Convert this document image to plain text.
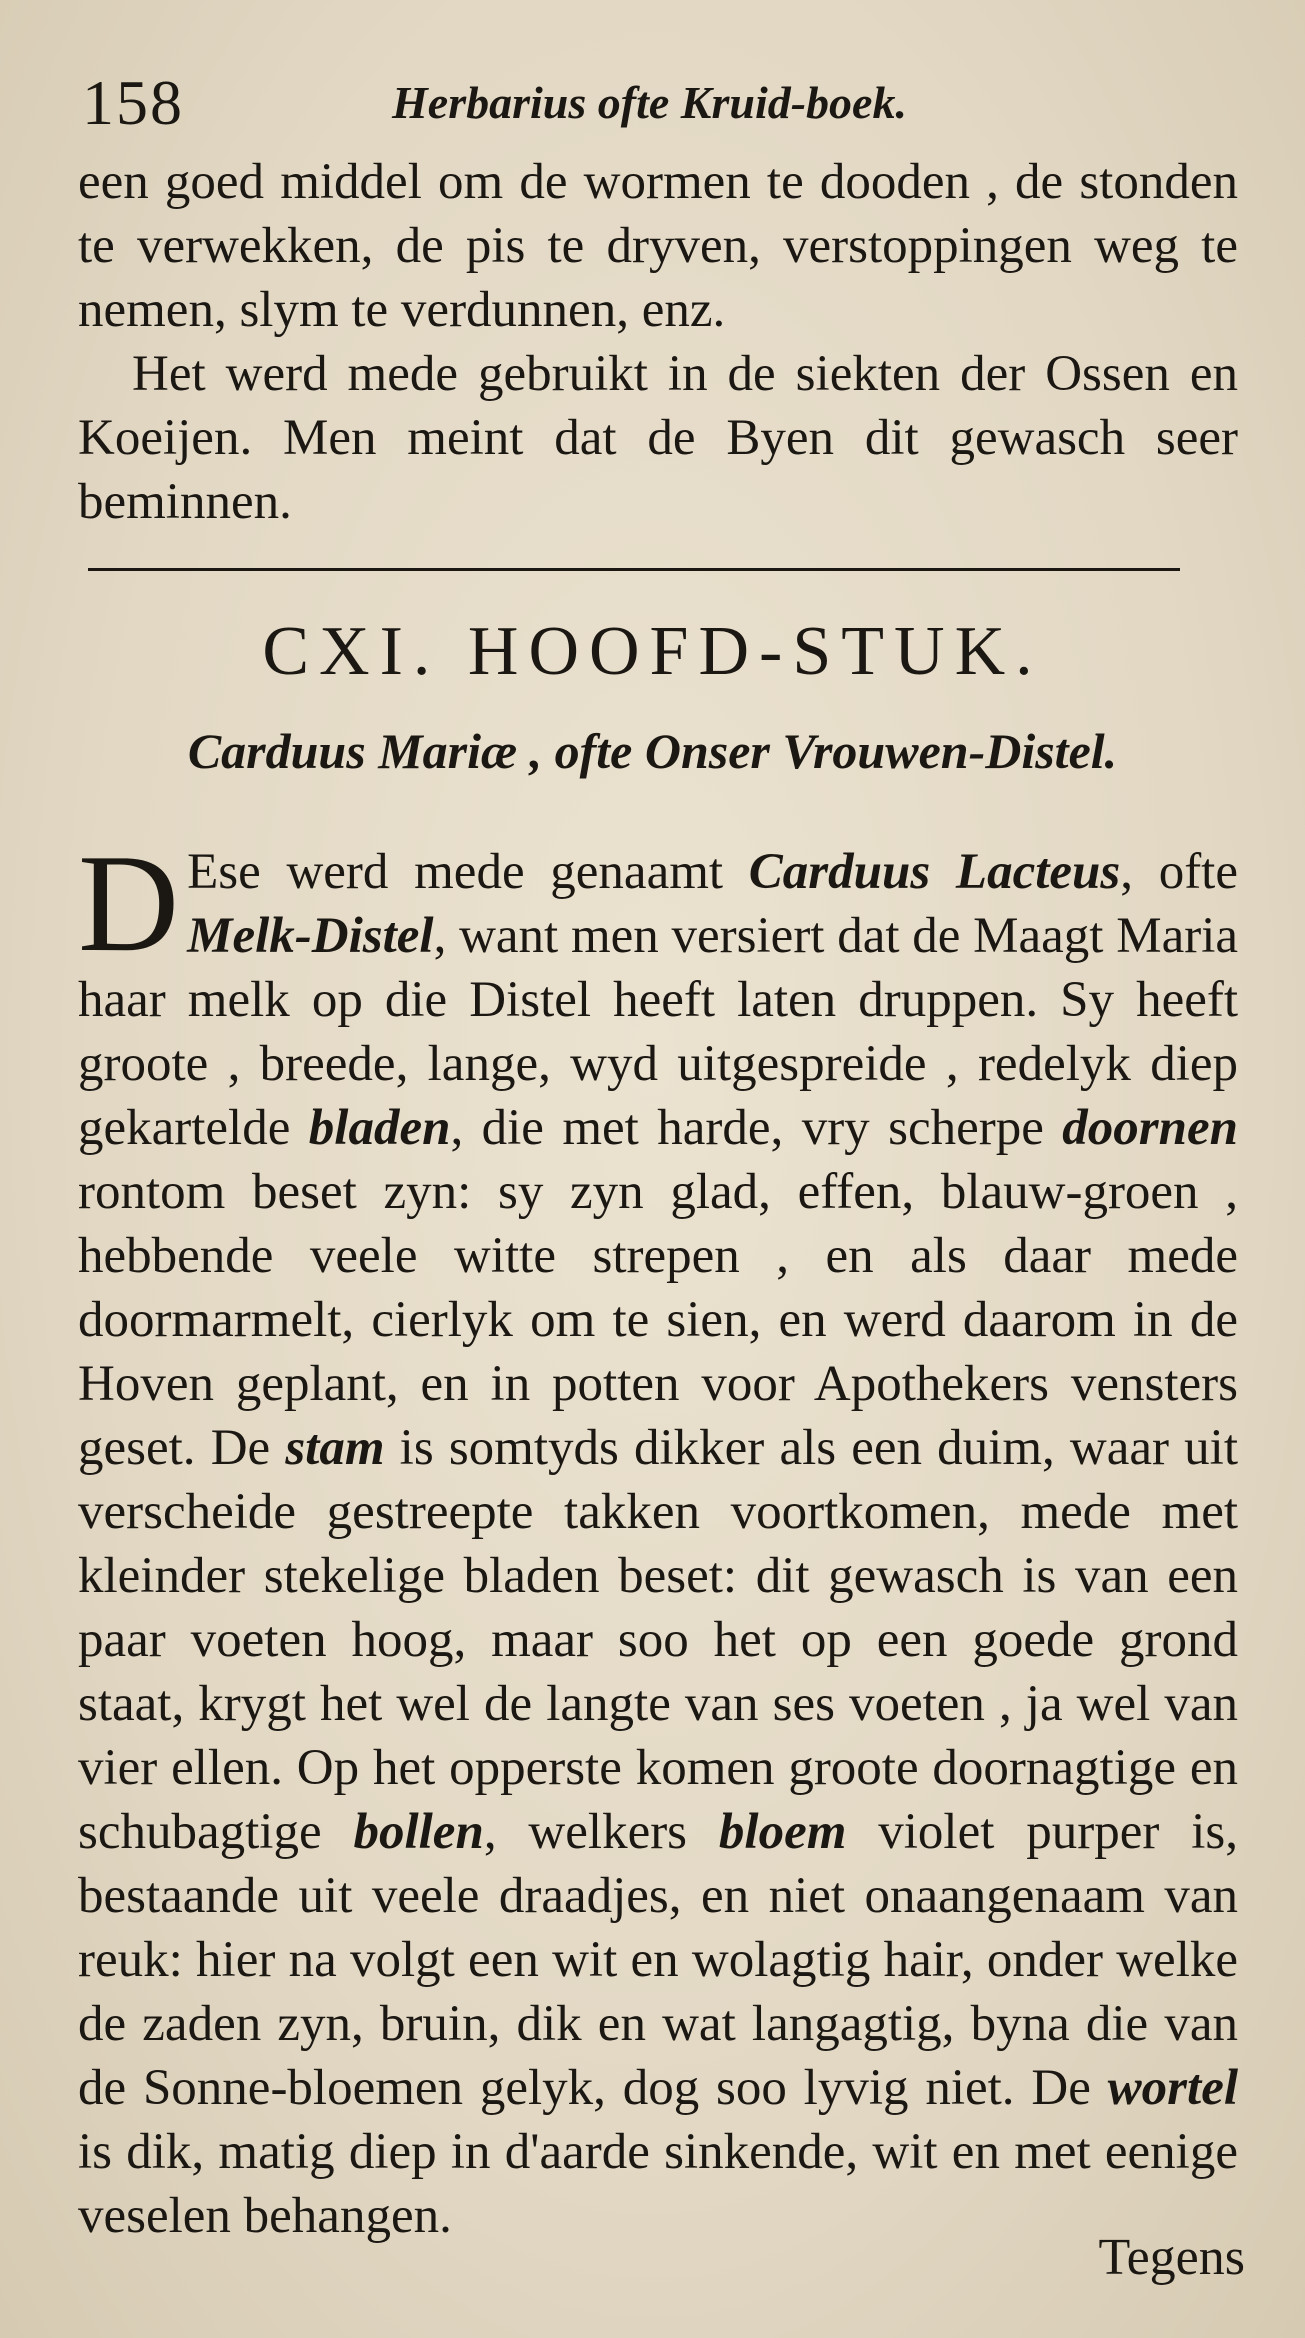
158	Herbarius ofte Kruid-boek.

een goed middel om de wormen te dooden , de stonden te verwekken, de pis te dryven, verstoppingen weg te nemen, slym te verdunnen, enz.

Het werd mede gebruikt in de siekten der Ossen en Koeijen. Men meint dat de Byen dit gewasch seer beminnen.

CXI. HOOFD-STUK.
Carduus Mariæ , ofte Onser Vrouwen-Distel.

D Ese werd mede genaamt Carduus Lacteus, ofte Melk-Distel, want men versiert dat de Maagt Maria haar melk op die Distel heeft laten druppen. Sy heeft groote , breede, lange, wyd uitgespreide , redelyk diep gekartelde bladen, die met harde, vry scherpe doornen rontom beset zyn: sy zyn glad, effen, blauw-groen , hebbende veele witte strepen , en als daar mede doormarmelt, cierlyk om te sien, en werd daarom in de Hoven geplant, en in potten voor Apothekers vensters geset. De stam is somtyds dikker als een duim, waar uit verscheide gestreepte takken voortkomen, mede met kleinder stekelige bladen beset: dit gewasch is van een paar voeten hoog, maar soo het op een goede grond staat, krygt het wel de langte van ses voeten , ja wel van vier ellen. Op het opperste komen groote doornagtige en schubagtige bollen, welkers bloem violet purper is, bestaande uit veele draadjes, en niet onaangenaam van reuk: hier na volgt een wit en wolagtig hair, onder welke de zaden zyn, bruin, dik en wat langagtig, byna die van de Sonne-bloemen gelyk, dog soo lyvig niet. De wortel is dik, matig diep in d'aarde sinkende, wit en met eenige veselen behangen.

Tegens
